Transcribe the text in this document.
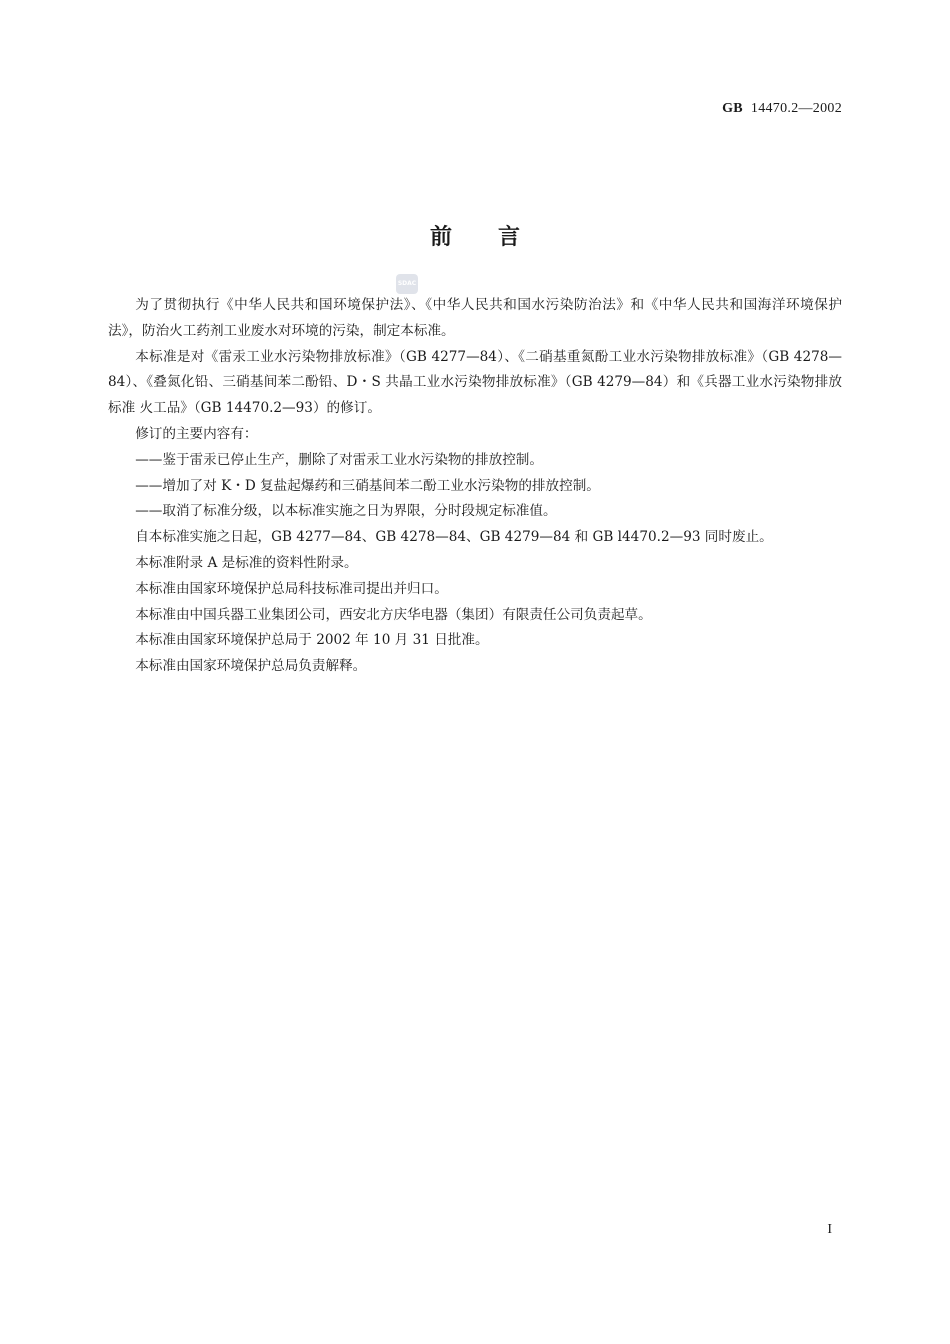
GB 14470.2—2002
前言
SDAC

为了贯彻执行《中华人民共和国环境保护法》、《中华人民共和国水污染防治法》和《中华人民共和国海洋环境保护法》，防治火工药剂工业废水对环境的污染，制定本标准。

本标准是对《雷汞工业水污染物排放标准》（GB 4277—84）、《二硝基重氮酚工业水污染物排放标准》（GB 4278—84）、《叠氮化铅、三硝基间苯二酚铅、D・S 共晶工业水污染物排放标准》（GB 4279—84）和《兵器工业水污染物排放标准 火工品》（GB 14470.2—93）的修订。

修订的主要内容有：

——鉴于雷汞已停止生产，删除了对雷汞工业水污染物的排放控制。

——增加了对 K・D 复盐起爆药和三硝基间苯二酚工业水污染物的排放控制。

——取消了标准分级，以本标准实施之日为界限，分时段规定标准值。

自本标准实施之日起，GB 4277—84、GB 4278—84、GB 4279—84 和 GB l4470.2—93 同时废止。

本标准附录 A 是标准的资料性附录。

本标准由国家环境保护总局科技标准司提出并归口。

本标准由中国兵器工业集团公司，西安北方庆华电器（集团）有限责任公司负责起草。

本标准由国家环境保护总局于 2002 年 10 月 31 日批准。

本标准由国家环境保护总局负责解释。

I
